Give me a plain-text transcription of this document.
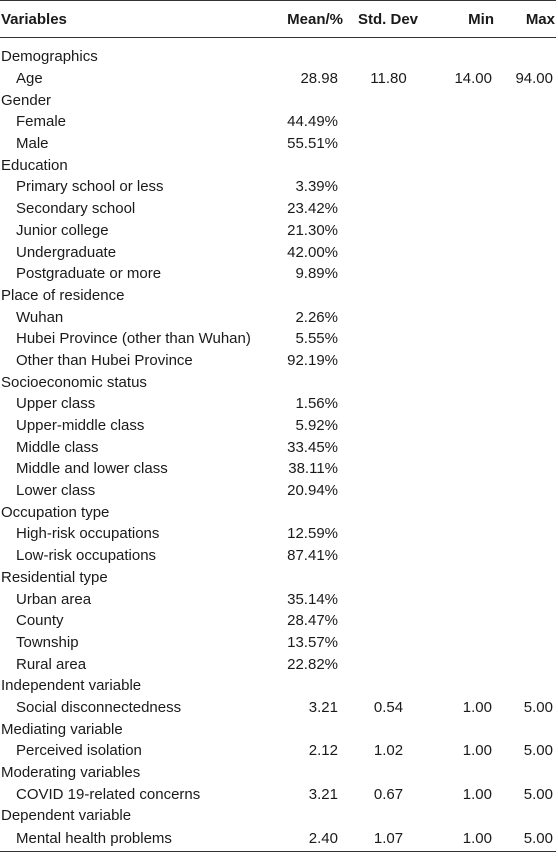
Variables	Mean/%	Std. Dev	Min	Max
Demographics				
Age	28.98	11.80	14.00	94.00
Gender				
Female	44.49%			
Male	55.51%			
Education				
Primary school or less	3.39%			
Secondary school	23.42%			
Junior college	21.30%			
Undergraduate	42.00%			
Postgraduate or more	9.89%			
Place of residence				
Wuhan	2.26%			
Hubei Province (other than Wuhan)	5.55%			
Other than Hubei Province	92.19%			
Socioeconomic status				
Upper class	1.56%			
Upper-middle class	5.92%			
Middle class	33.45%			
Middle and lower class	38.11%			
Lower class	20.94%			
Occupation type				
High-risk occupations	12.59%			
Low-risk occupations	87.41%			
Residential type				
Urban area	35.14%			
County	28.47%			
Township	13.57%			
Rural area	22.82%			
Independent variable				
Social disconnectedness	3.21	0.54	1.00	5.00
Mediating variable				
Perceived isolation	2.12	1.02	1.00	5.00
Moderating variables				
COVID 19-related concerns	3.21	0.67	1.00	5.00
Dependent variable				
Mental health problems	2.40	1.07	1.00	5.00
